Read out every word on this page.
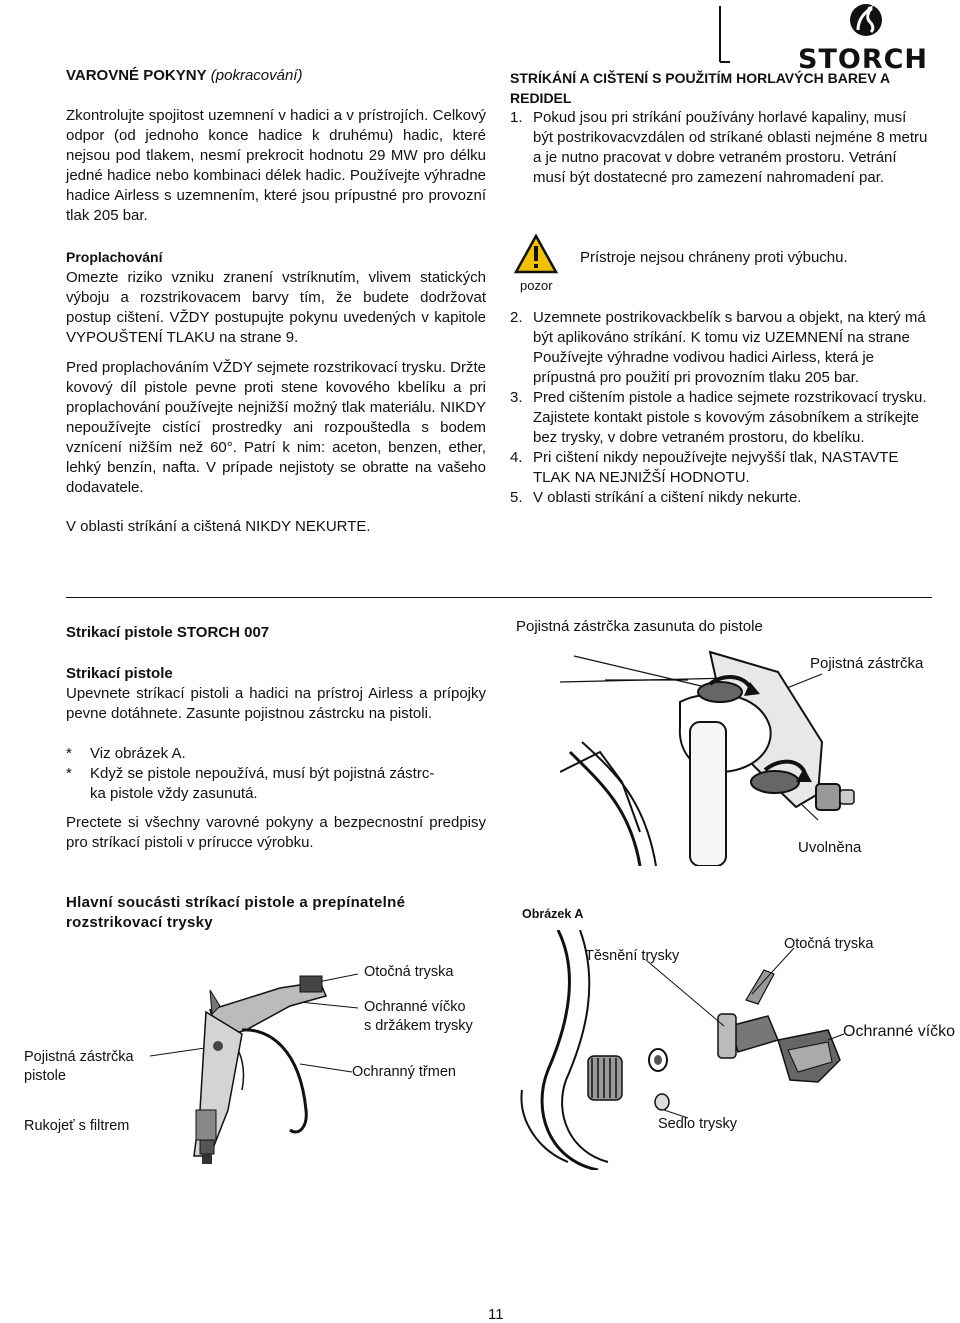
STORCH
VAROVNÉ POKYNY (pokracování)

Zkontrolujte spojitost uzemnení v hadici a v prístrojích. Celkový odpor (od jednoho konce hadice k druhému) hadic, které nejsou pod tlakem, nesmí prekrocit hodnotu 29 MW pro délku jedné hadice nebo kombinaci délek hadic. Používejte výhradne hadice Airless s uzemnením, které jsou prípustné pro provozní tlak 205 bar.

Proplachování

Omezte riziko vzniku zranení vstríknutím, vlivem statických výboju a rozstrikovacem barvy tím, že budete dodržovat postup cištení. VŽDY postupujte pokynu uvedených v kapitole VYPOUŠTENÍ TLAKU na strane 9.

Pred proplachováním VŽDY sejmete rozstrikovací trysku. Držte kovový díl pistole pevne proti stene kovového kbelíku a pri proplachování používejte nejnižší možný tlak materiálu. NIKDY nepoužívejte cistící prostredky ani rozpouštedla s bodem vznícení nižším než 60°. Patrí k nim: aceton, benzen, ether, lehký benzín, nafta. V prípade nejistoty se obratte na vašeho dodavatele.

V oblasti stríkání a cištená NIKDY NEKURTE.

STRÍKÁNÍ A CIŠTENÍ S POUŽITÍM HORLAVÝCH BAREV A REDIDEL
1. Pokud jsou pri stríkání používány horlavé kapaliny, musí být postrikovacvzdálen od stríkané oblasti nejméne 8 metru a je nutno pracovat v dobre vetraném prostoru. Vetrání musí být dostatecné pro zamezení nahromadení par.
pozor
Prístroje nejsou chráneny proti výbuchu.
2. Uzemnete postrikovackbelík s barvou a objekt, na který má být aplikováno stríkání. K tomu viz UZEMNENÍ na strane Používejte výhradne vodivou hadici Airless, která je prípustná pro použití pri provozním tlaku 205 bar.
3. Pred cištením pistole a hadice sejmete rozstrikovací trysku. Zajistete kontakt pistole s kovovým zásobníkem a stríkejte bez trysky, v dobre vetraném prostoru, do kbelíku.
4. Pri cištení nikdy nepoužívejte nejvyšší tlak, NASTAVTE TLAK NA NEJNIŽŠÍ HODNOTU.
5. V oblasti stríkání a cištení nikdy nekurte.
Strikací pistole STORCH 007
Strikací pistole

Upevnete stríkací pistoli a hadici na prístroj Airless a prípojky pevne dotáhnete. Zasunte pojistnou zástrcku na pistoli.

* Viz obrázek A.
* Když se pistole nepoužívá, musí být pojistná zástrc-
ka pistole vždy zasunutá.

Prectete si všechny varovné pokyny a bezpecnostní predpisy pro stríkací pistoli v prírucce výrobku.

Pojistná zástrčka zasunuta do pistole
Pojistná zástrčka
Uvolněna
Hlavní soucásti stríkací pistole a prepínatelné rozstrikovací trysky
Otočná tryska
Ochranné víčko
s držákem trysky
Ochranný třmen
Pojistná zástrčka
pistole
Rukojeť s filtrem
Obrázek A
Těsnění trysky
Otočná tryska
Ochranné víčko
Sedlo trysky
11
